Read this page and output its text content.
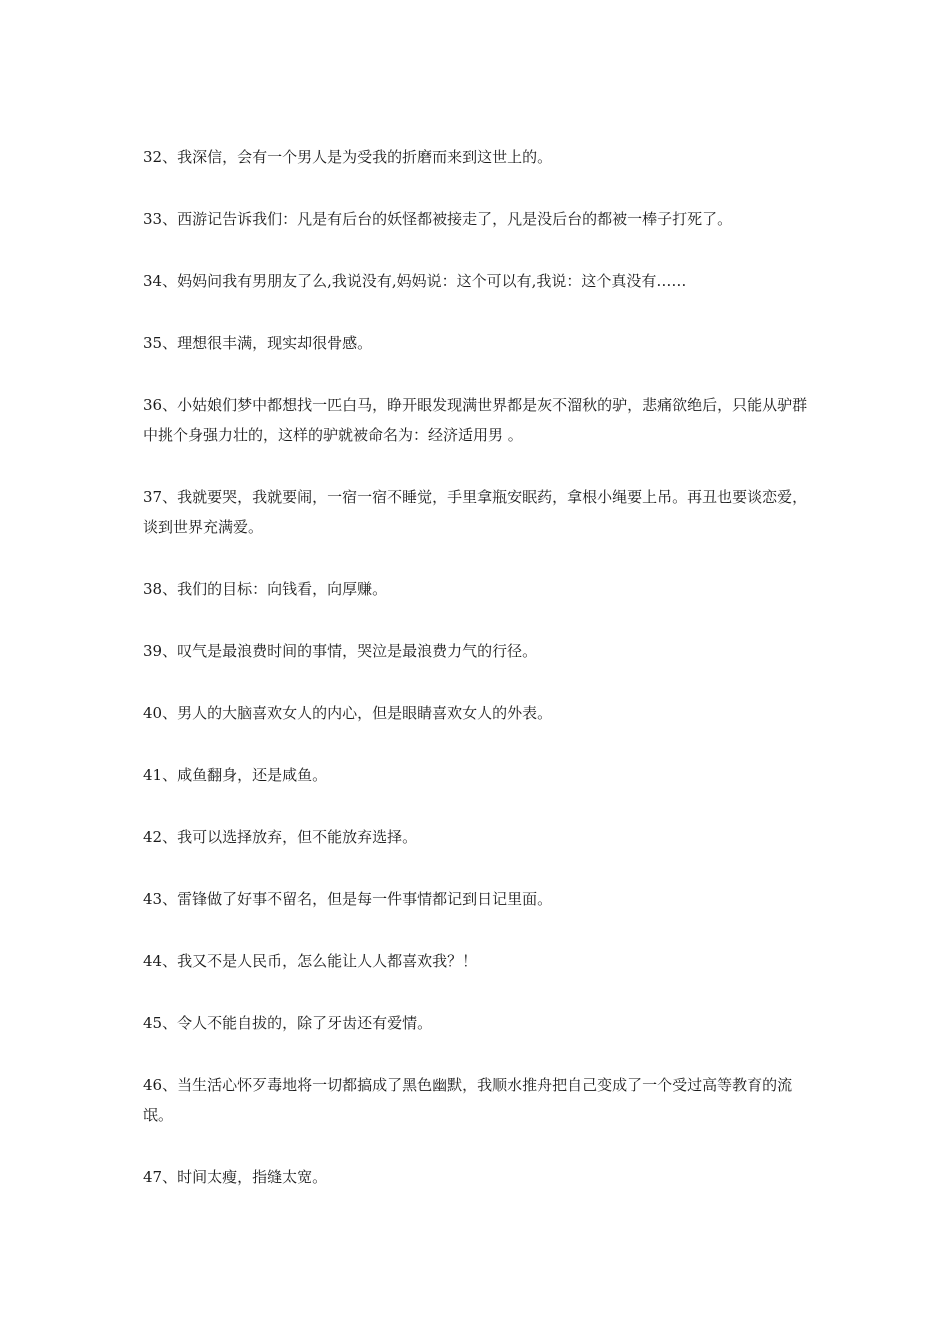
32、我深信，会有一个男人是为受我的折磨而来到这世上的。

33、西游记告诉我们：凡是有后台的妖怪都被接走了，凡是没后台的都被一棒子打死了。

34、妈妈问我有男朋友了么,我说没有,妈妈说：这个可以有,我说：这个真没有……

35、理想很丰满，现实却很骨感。

36、小姑娘们梦中都想找一匹白马，睁开眼发现满世界都是灰不溜秋的驴，悲痛欲绝后，只能从驴群中挑个身强力壮的，这样的驴就被命名为：经济适用男 。

37、我就要哭，我就要闹，一宿一宿不睡觉，手里拿瓶安眠药，拿根小绳要上吊。再丑也要谈恋爱，谈到世界充满爱。

38、我们的目标：向钱看，向厚赚。

39、叹气是最浪费时间的事情，哭泣是最浪费力气的行径。

40、男人的大脑喜欢女人的内心，但是眼睛喜欢女人的外表。

41、咸鱼翻身，还是咸鱼。

42、我可以选择放弃，但不能放弃选择。

43、雷锋做了好事不留名，但是每一件事情都记到日记里面。

44、我又不是人民币，怎么能让人人都喜欢我？！

45、令人不能自拔的，除了牙齿还有爱情。

46、当生活心怀歹毒地将一切都搞成了黑色幽默，我顺水推舟把自己变成了一个受过高等教育的流氓。

47、时间太瘦，指缝太宽。
